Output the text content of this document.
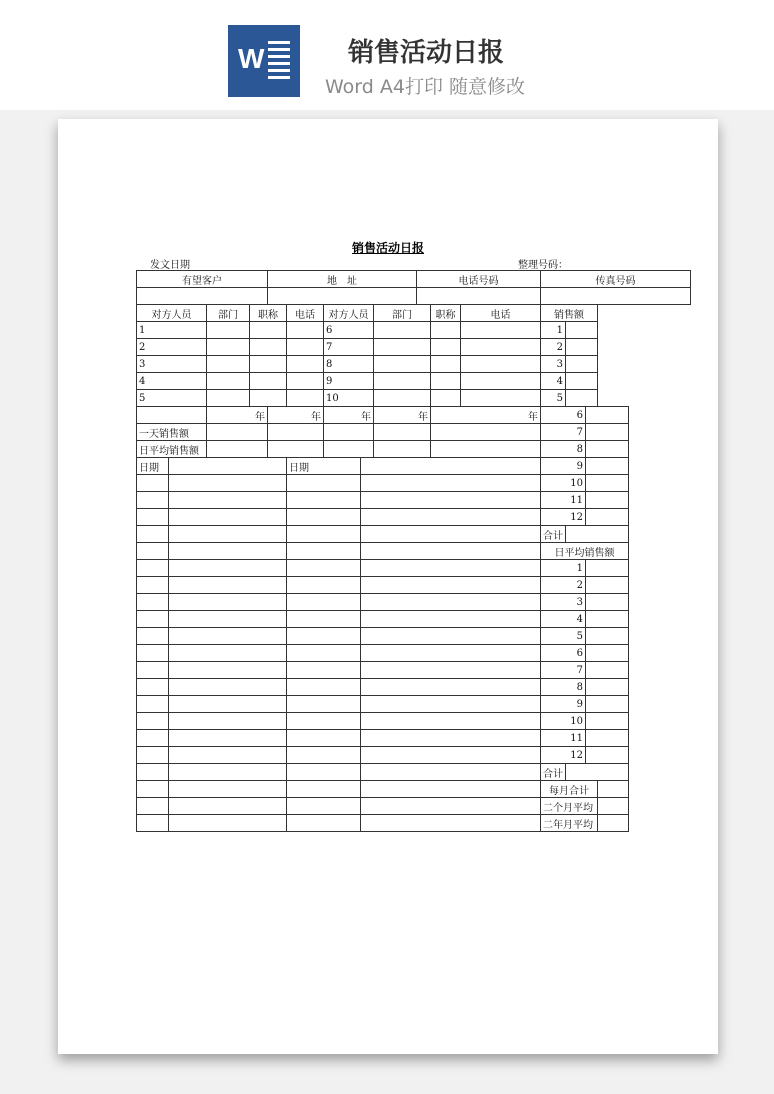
W	销售活动日报
Word A4打印 随意修改
销售活动日报
发文日期	整理号码：
有望客户				地　址					电话号码			传真号码			

对方人员		部门	职称		电话	对方人员		部门		职称	电话	销售额			
1						6						1			
2						7						2			
3						8						3			
4						9						4			
5						10						5			
		年		年		年		年		年		6			
一天销售额												7			
日平均销售额												8			
日期					日期							9			
												10			
												11			
												12			
												合计			
												日平均销售额			
												1			
												2			
												3			
												4			
												5			
												6			
												7			
												8			
												9			
												10			
												11			
												12			
												合计			
												每月合计			
												二个月平均			
												二年月平均			
